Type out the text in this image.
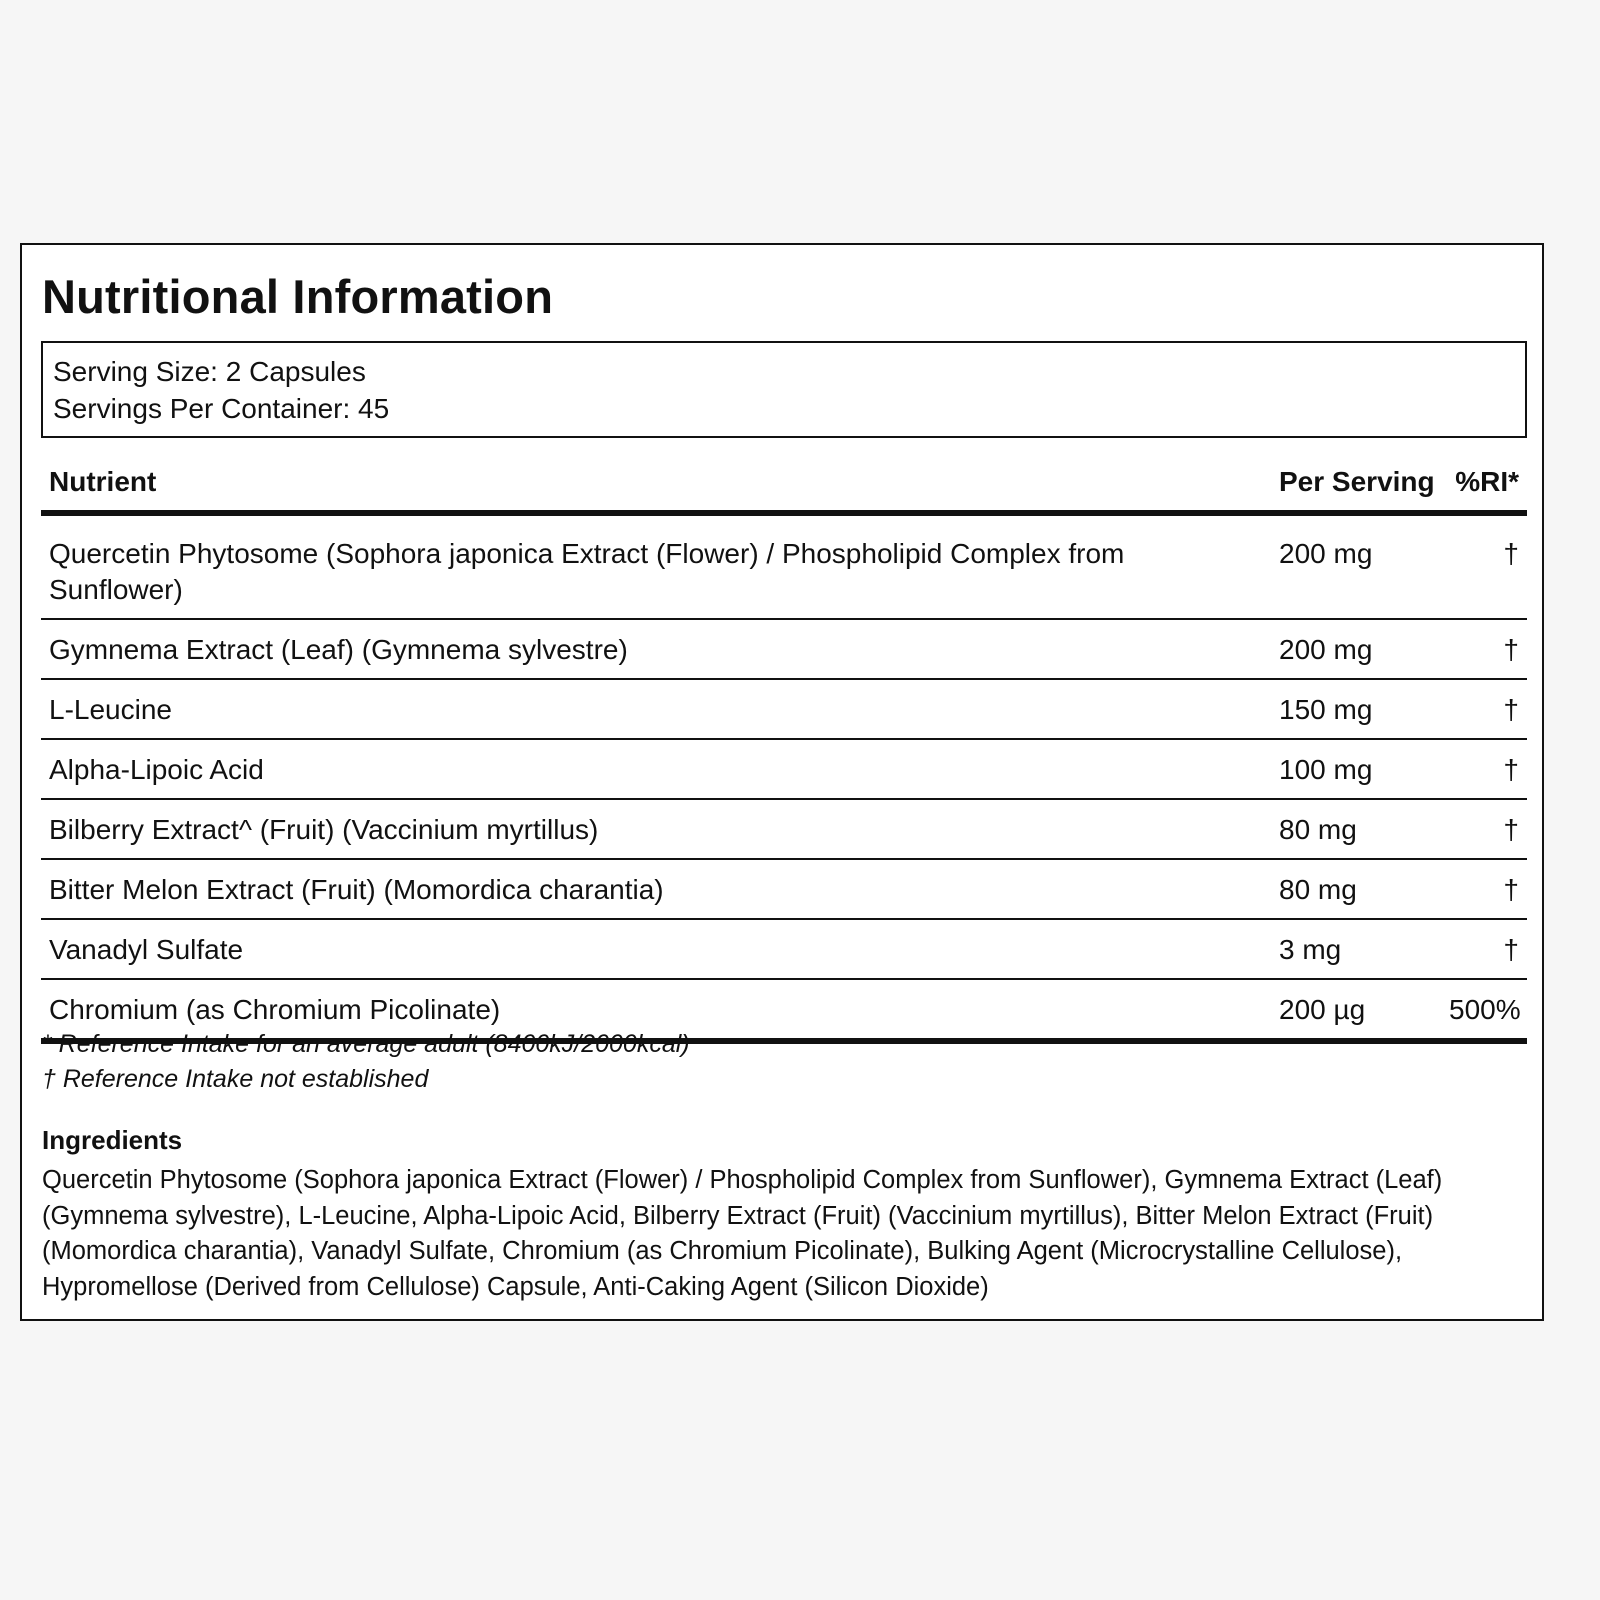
Nutritional Information
Serving Size: 2 Capsules
Servings Per Container: 45
Nutrient	Per Serving	%RI*
Quercetin Phytosome (Sophora japonica Extract (Flower) / Phospholipid Complex from Sunflower)	200 mg	†
Gymnema Extract (Leaf) (Gymnema sylvestre)	200 mg	†
L-Leucine	150 mg	†
Alpha-Lipoic Acid	100 mg	†
Bilberry Extract^ (Fruit) (Vaccinium myrtillus)	80 mg	†
Bitter Melon Extract (Fruit) (Momordica charantia)	80 mg	†
Vanadyl Sulfate	3 mg	†
Chromium (as Chromium Picolinate)	200 µg	500%
* Reference Intake for an average adult (8400kJ/2000kcal)
† Reference Intake not established
Ingredients

Quercetin Phytosome (Sophora japonica Extract (Flower) / Phospholipid Complex from Sunflower), Gymnema Extract (Leaf) (Gymnema sylvestre), L-Leucine, Alpha-Lipoic Acid, Bilberry Extract (Fruit) (Vaccinium myrtillus), Bitter Melon Extract (Fruit) (Momordica charantia), Vanadyl Sulfate, Chromium (as Chromium Picolinate), Bulking Agent (Microcrystalline Cellulose), Hypromellose (Derived from Cellulose) Capsule, Anti-Caking Agent (Silicon Dioxide)
